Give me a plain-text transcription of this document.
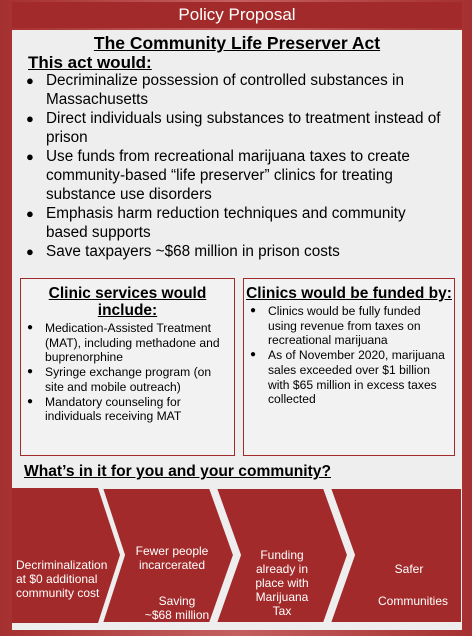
Policy Proposal
The Community Life Preserver Act
This act would:
● Decriminalize possession of controlled substances in Massachusetts
● Direct individuals using substances to treatment instead of prison
● Use funds from recreational marijuana taxes to create community-based “life preserver” clinics for treating substance use disorders
● Emphasis harm reduction techniques and community based supports
● Save taxpayers ~$68 million in prison costs
Clinic services would include:
● Medication-Assisted Treatment (MAT), including methadone and buprenorphine
● Syringe exchange program (on site and mobile outreach)
● Mandatory counseling for individuals receiving MAT
Clinics would be funded by:
● Clinics would be fully funded using revenue from taxes on recreational marijuana
● As of November 2020, marijuana sales exceeded over $1 billion with $65 million in excess taxes collected
What’s in it for you and your community?
Decriminalization
at $0 additional
community cost
Fewer people
incarcerated
Saving
~$68 million
Funding
already in
place with
Marijuana
Tax
Safer
Communities
